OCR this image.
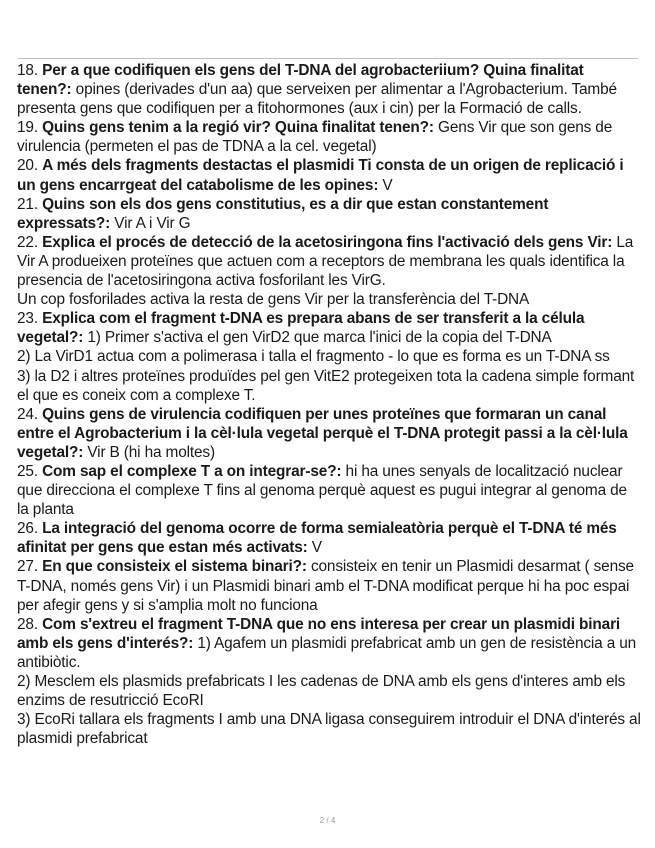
18. Per a que codifiquen els gens del T-DNA del agrobacteriium? Quina finalitat tenen?: opines (derivades d'un aa) que serveixen per alimentar a l'Agrobacterium. També presenta gens que codifiquen per a fitohormones (aux i cin) per la Formació de calls.
19. Quins gens tenim a la regió vir? Quina finalitat tenen?: Gens Vir que son gens de virulencia (permeten el pas de TDNA a la cel. vegetal)
20. A més dels fragments destactas el plasmidi Ti consta de un origen de replicació i un gens encarrgeat del catabolisme de les opines: V
21. Quins son els dos gens constitutius, es a dir que estan constantement expressats?: Vir A i Vir G
22. Explica el procés de detecció de la acetosiringona fins l'activació dels gens Vir: La Vir A produeixen proteïnes que actuen com a receptors de membrana les quals identifica la presencia de l'acetosiringona activa fosforilant les VirG.
Un cop fosforilades activa la resta de gens Vir per la transferència del T-DNA
23. Explica com el fragment t-DNA es prepara abans de ser transferit a la célula vegetal?: 1) Primer s'activa el gen VirD2 que marca l'inici de la copia del T-DNA
2) La VirD1 actua com a polimerasa i talla el fragmento - lo que es forma es un T-DNA ss
3) la D2 i altres proteïnes produïdes pel gen VitE2 protegeixen tota la cadena simple formant el que es coneix com a complexe T.
24. Quins gens de virulencia codifiquen per unes proteïnes que formaran un canal entre el Agrobacterium i la cèl·lula vegetal perquè el T-DNA protegit passi a la cèl·lula vegetal?: Vir B (hi ha moltes)
25. Com sap el complexe T a on integrar-se?: hi ha unes senyals de localització nuclear que direcciona el complexe T fins al genoma perquè aquest es pugui integrar al genoma de la planta
26. La integració del genoma ocorre de forma semialeatòria perquè el T-DNA té més afinitat per gens que estan més activats: V
27. En que consisteix el sistema binari?: consisteix en tenir un Plasmidi desarmat ( sense T-DNA, només gens Vir) i un Plasmidi binari amb el T-DNA modificat perque hi ha poc espai per afegir gens y si s'amplia molt no funciona
28. Com s'extreu el fragment T-DNA que no ens interesa per crear un plasmidi binari amb els gens d'interés?: 1) Agafem un plasmidi prefabricat amb un gen de resistència a un antibiòtic.
2) Mesclem els plasmids prefabricats I les cadenas de DNA amb els gens d'interes amb els enzims de resutricció EcoRI
3) EcoRi tallara els fragments I amb una DNA ligasa conseguirem introduir el DNA d'interés al plasmidi prefabricat
2 / 4
